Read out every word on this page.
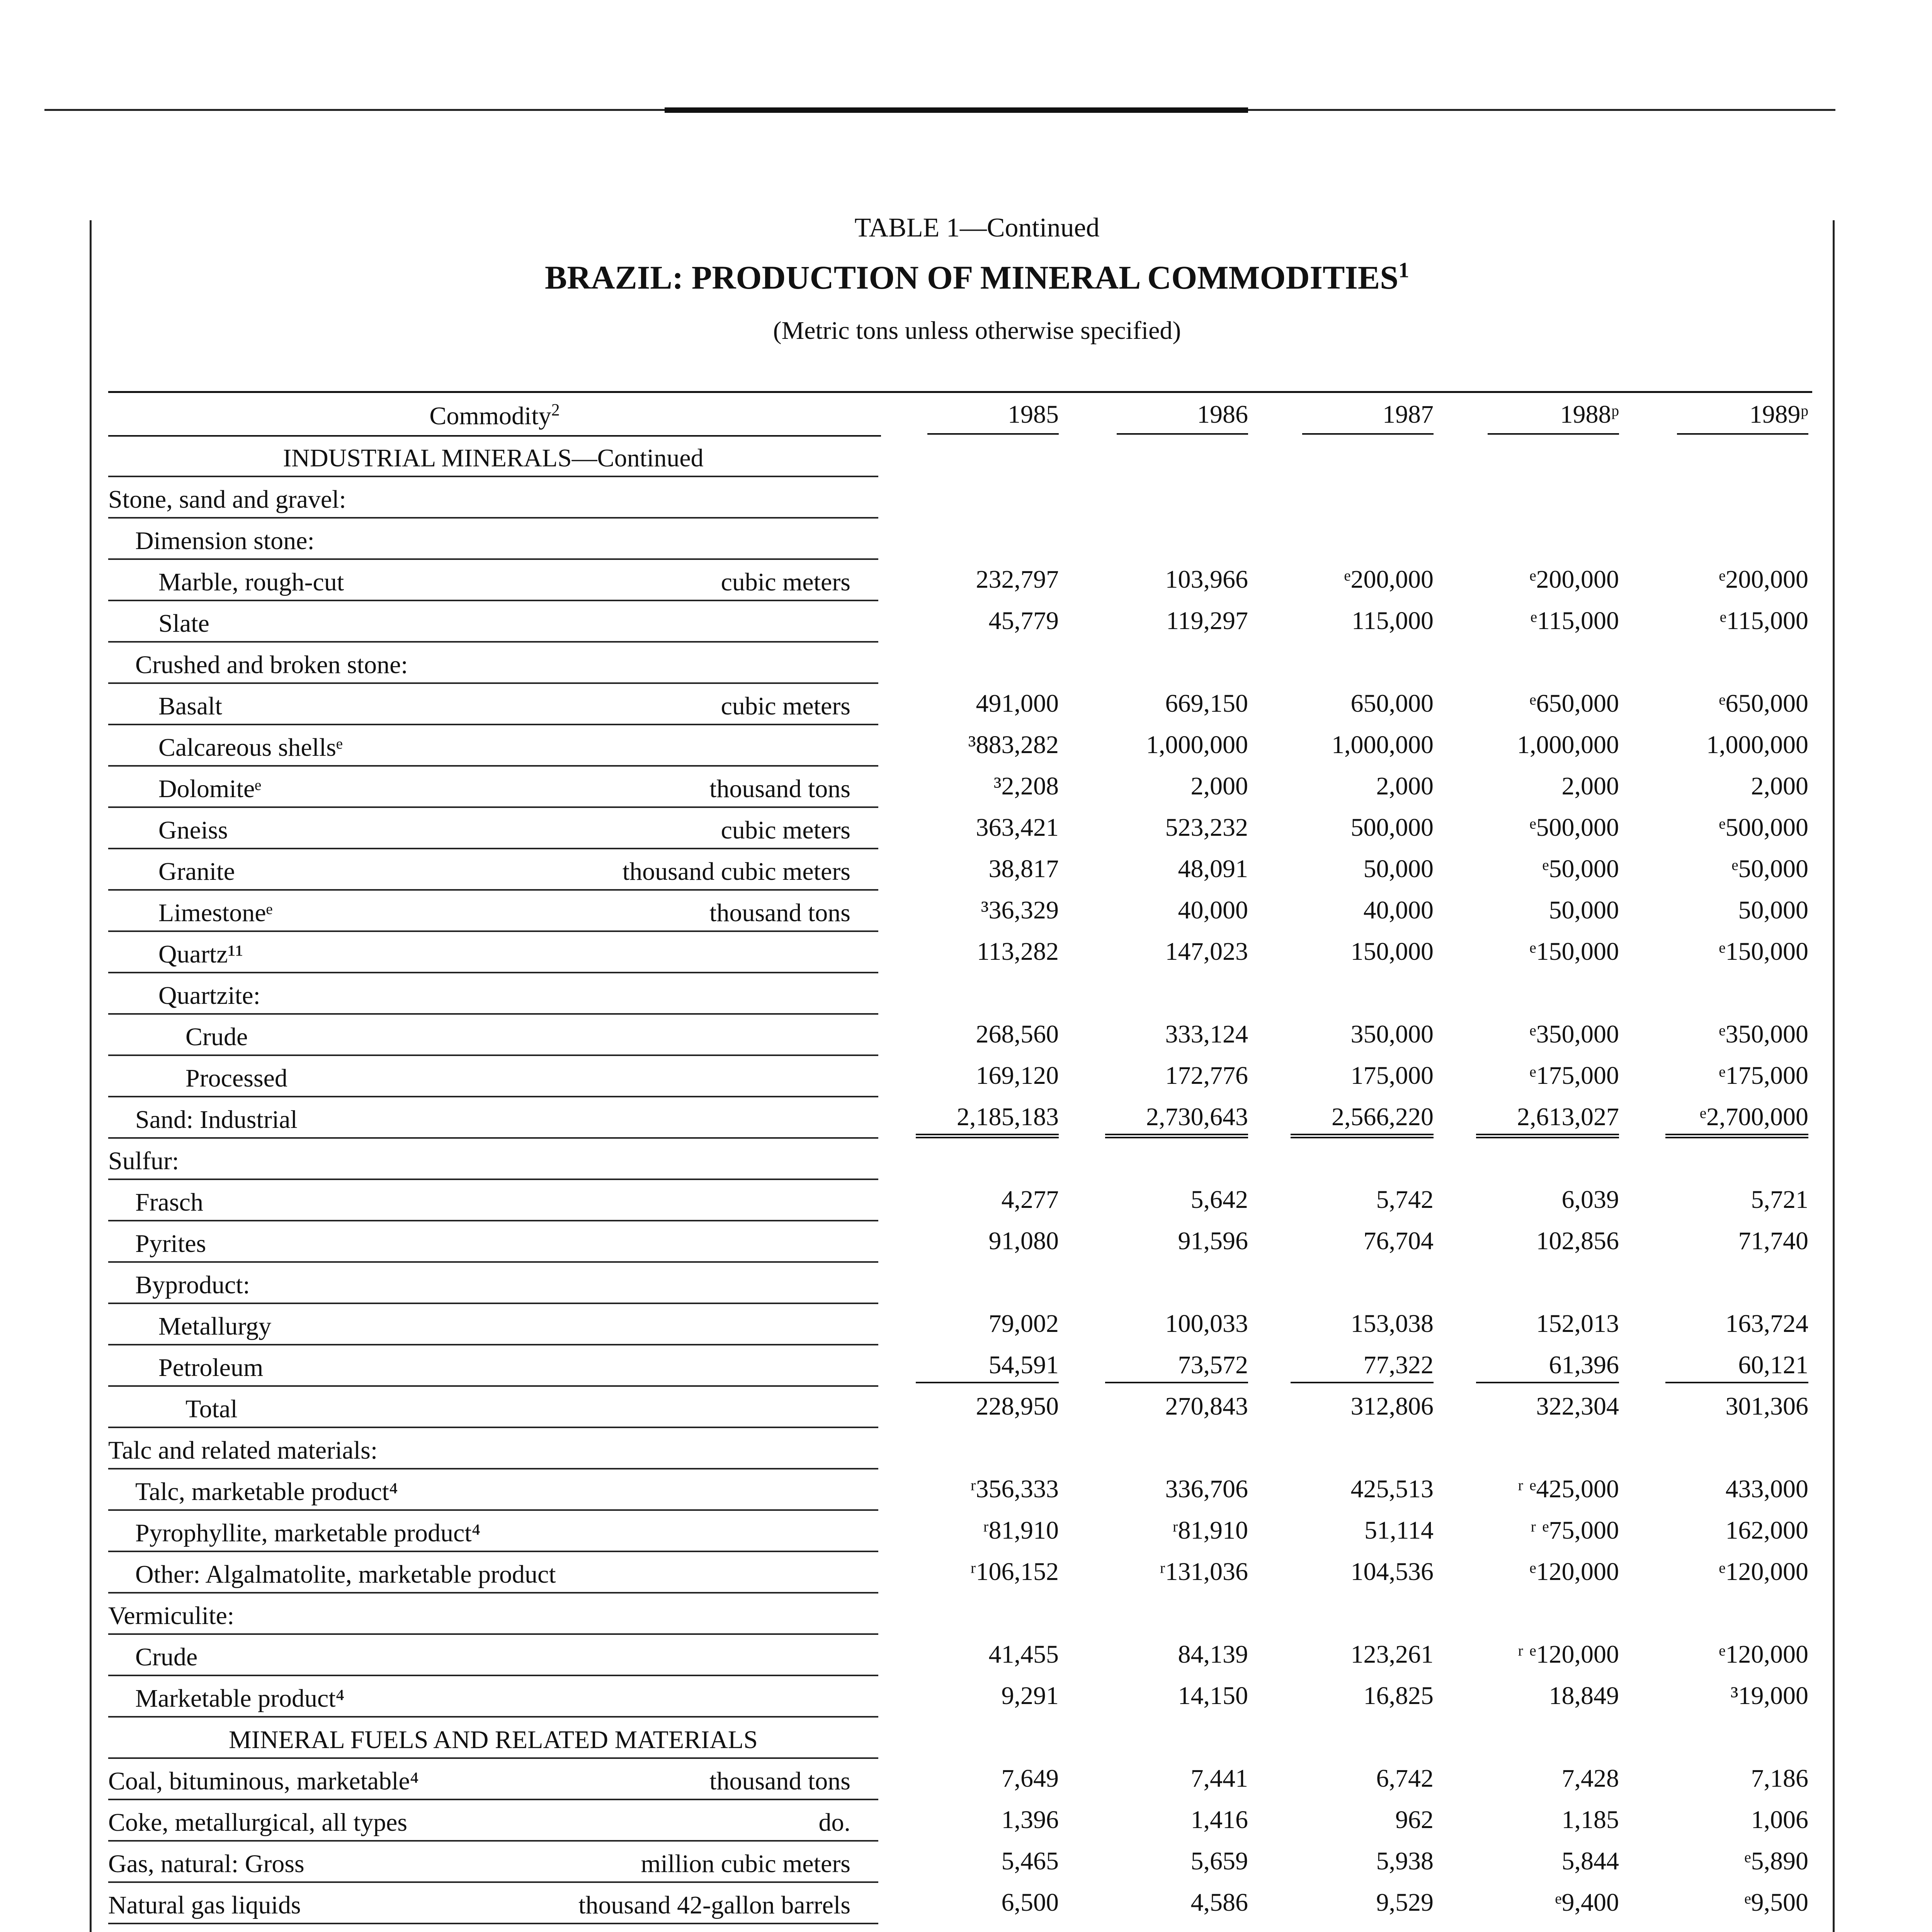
TABLE 1—Continued
BRAZIL: PRODUCTION OF MINERAL COMMODITIES$^1$
(Metric tons unless otherwise specified)
Commodity$^2$	1985	1986	1987	1988ᵖ	1989ᵖ
INDUSTRIAL MINERALS—Continued
Stone, sand and gravel:
Dimension stone:
Marble, rough-cut	cubic meters	232,797	103,966	ᵉ200,000	ᵉ200,000	ᵉ200,000
Slate	45,779	119,297	115,000	ᵉ115,000	ᵉ115,000
Crushed and broken stone:
Basalt	cubic meters	491,000	669,150	650,000	ᵉ650,000	ᵉ650,000
Calcareous shellsᵉ	³883,282	1,000,000	1,000,000	1,000,000	1,000,000
Dolomiteᵉ	thousand tons	³2,208	2,000	2,000	2,000	2,000
Gneiss	cubic meters	363,421	523,232	500,000	ᵉ500,000	ᵉ500,000
Granite	thousand cubic meters	38,817	48,091	50,000	ᵉ50,000	ᵉ50,000
Limestoneᵉ	thousand tons	³36,329	40,000	40,000	50,000	50,000
Quartz¹¹	113,282	147,023	150,000	ᵉ150,000	ᵉ150,000
Quartzite:
Crude	268,560	333,124	350,000	ᵉ350,000	ᵉ350,000
Processed	169,120	172,776	175,000	ᵉ175,000	ᵉ175,000
Sand: Industrial	2,185,183	2,730,643	2,566,220	2,613,027	ᵉ2,700,000
Sulfur:
Frasch	4,277	5,642	5,742	6,039	5,721
Pyrites	91,080	91,596	76,704	102,856	71,740
Byproduct:
Metallurgy	79,002	100,033	153,038	152,013	163,724
Petroleum	54,591	73,572	77,322	61,396	60,121
Total	228,950	270,843	312,806	322,304	301,306
Talc and related materials:
Talc, marketable product⁴	ʳ356,333	336,706	425,513	ʳ ᵉ425,000	433,000
Pyrophyllite, marketable product⁴	ʳ81,910	ʳ81,910	51,114	ʳ ᵉ75,000	162,000
Other: Algalmatolite, marketable product	ʳ106,152	ʳ131,036	104,536	ᵉ120,000	ᵉ120,000
Vermiculite:
Crude	41,455	84,139	123,261	ʳ ᵉ120,000	ᵉ120,000
Marketable product⁴	9,291	14,150	16,825	18,849	³19,000
MINERAL FUELS AND RELATED MATERIALS
Coal, bituminous, marketable⁴	thousand tons	7,649	7,441	6,742	7,428	7,186
Coke, metallurgical, all types	do.	1,396	1,416	962	1,185	1,006
Gas, natural: Gross	million cubic meters	5,465	5,659	5,938	5,844	ᵉ5,890
Natural gas liquids	thousand 42-gallon barrels	6,500	4,586	9,529	ᵉ9,400	ᵉ9,500
